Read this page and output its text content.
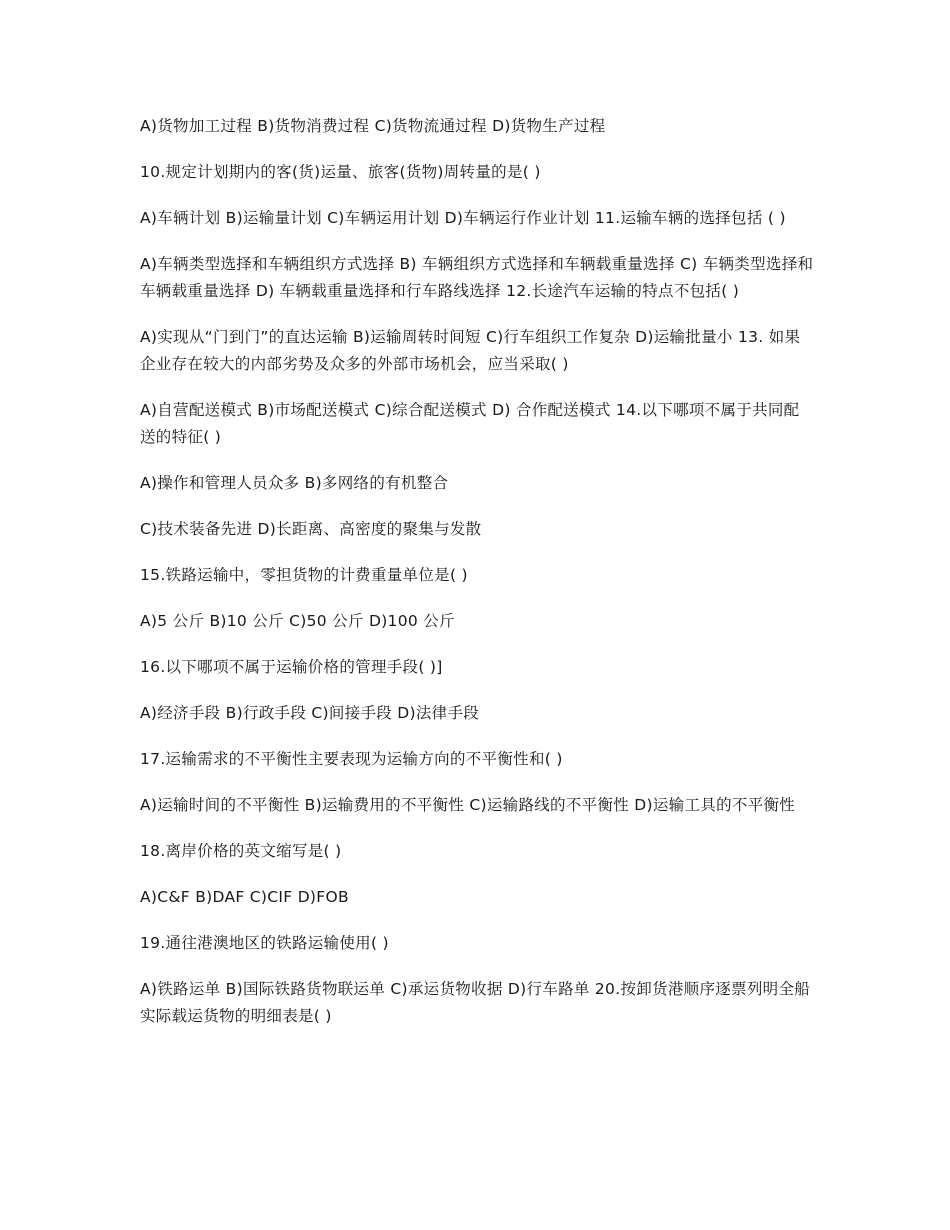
A)货物加工过程 B)货物消费过程 C)货物流通过程 D)货物生产过程

10.规定计划期内的客(货)运量、旅客(货物)周转量的是( )

A)车辆计划 B)运输量计划 C)车辆运用计划 D)车辆运行作业计划 11.运输车辆的选择包括 ( )

A)车辆类型选择和车辆组织方式选择 B) 车辆组织方式选择和车辆载重量选择 C) 车辆类型选择和车辆载重量选择 D) 车辆载重量选择和行车路线选择 12.长途汽车运输的特点不包括( )

A)实现从“门到门”的直达运输 B)运输周转时间短 C)行车组织工作复杂 D)运输批量小 13. 如果企业存在较大的内部劣势及众多的外部市场机会，应当采取( )

A)自营配送模式 B)市场配送模式 C)综合配送模式 D) 合作配送模式 14.以下哪项不属于共同配送的特征( )

A)操作和管理人员众多 B)多网络的有机整合

C)技术装备先进 D)长距离、高密度的聚集与发散

15.铁路运输中，零担货物的计费重量单位是( )

A)5 公斤 B)10 公斤 C)50 公斤 D)100 公斤

16.以下哪项不属于运输价格的管理手段( )]

A)经济手段 B)行政手段 C)间接手段 D)法律手段

17.运输需求的不平衡性主要表现为运输方向的不平衡性和( )

A)运输时间的不平衡性 B)运输费用的不平衡性 C)运输路线的不平衡性 D)运输工具的不平衡性

18.离岸价格的英文缩写是( )

A)C&F B)DAF C)CIF D)FOB

19.通往港澳地区的铁路运输使用( )

A)铁路运单 B)国际铁路货物联运单 C)承运货物收据 D)行车路单 20.按卸货港顺序逐票列明全船实际载运货物的明细表是( )
